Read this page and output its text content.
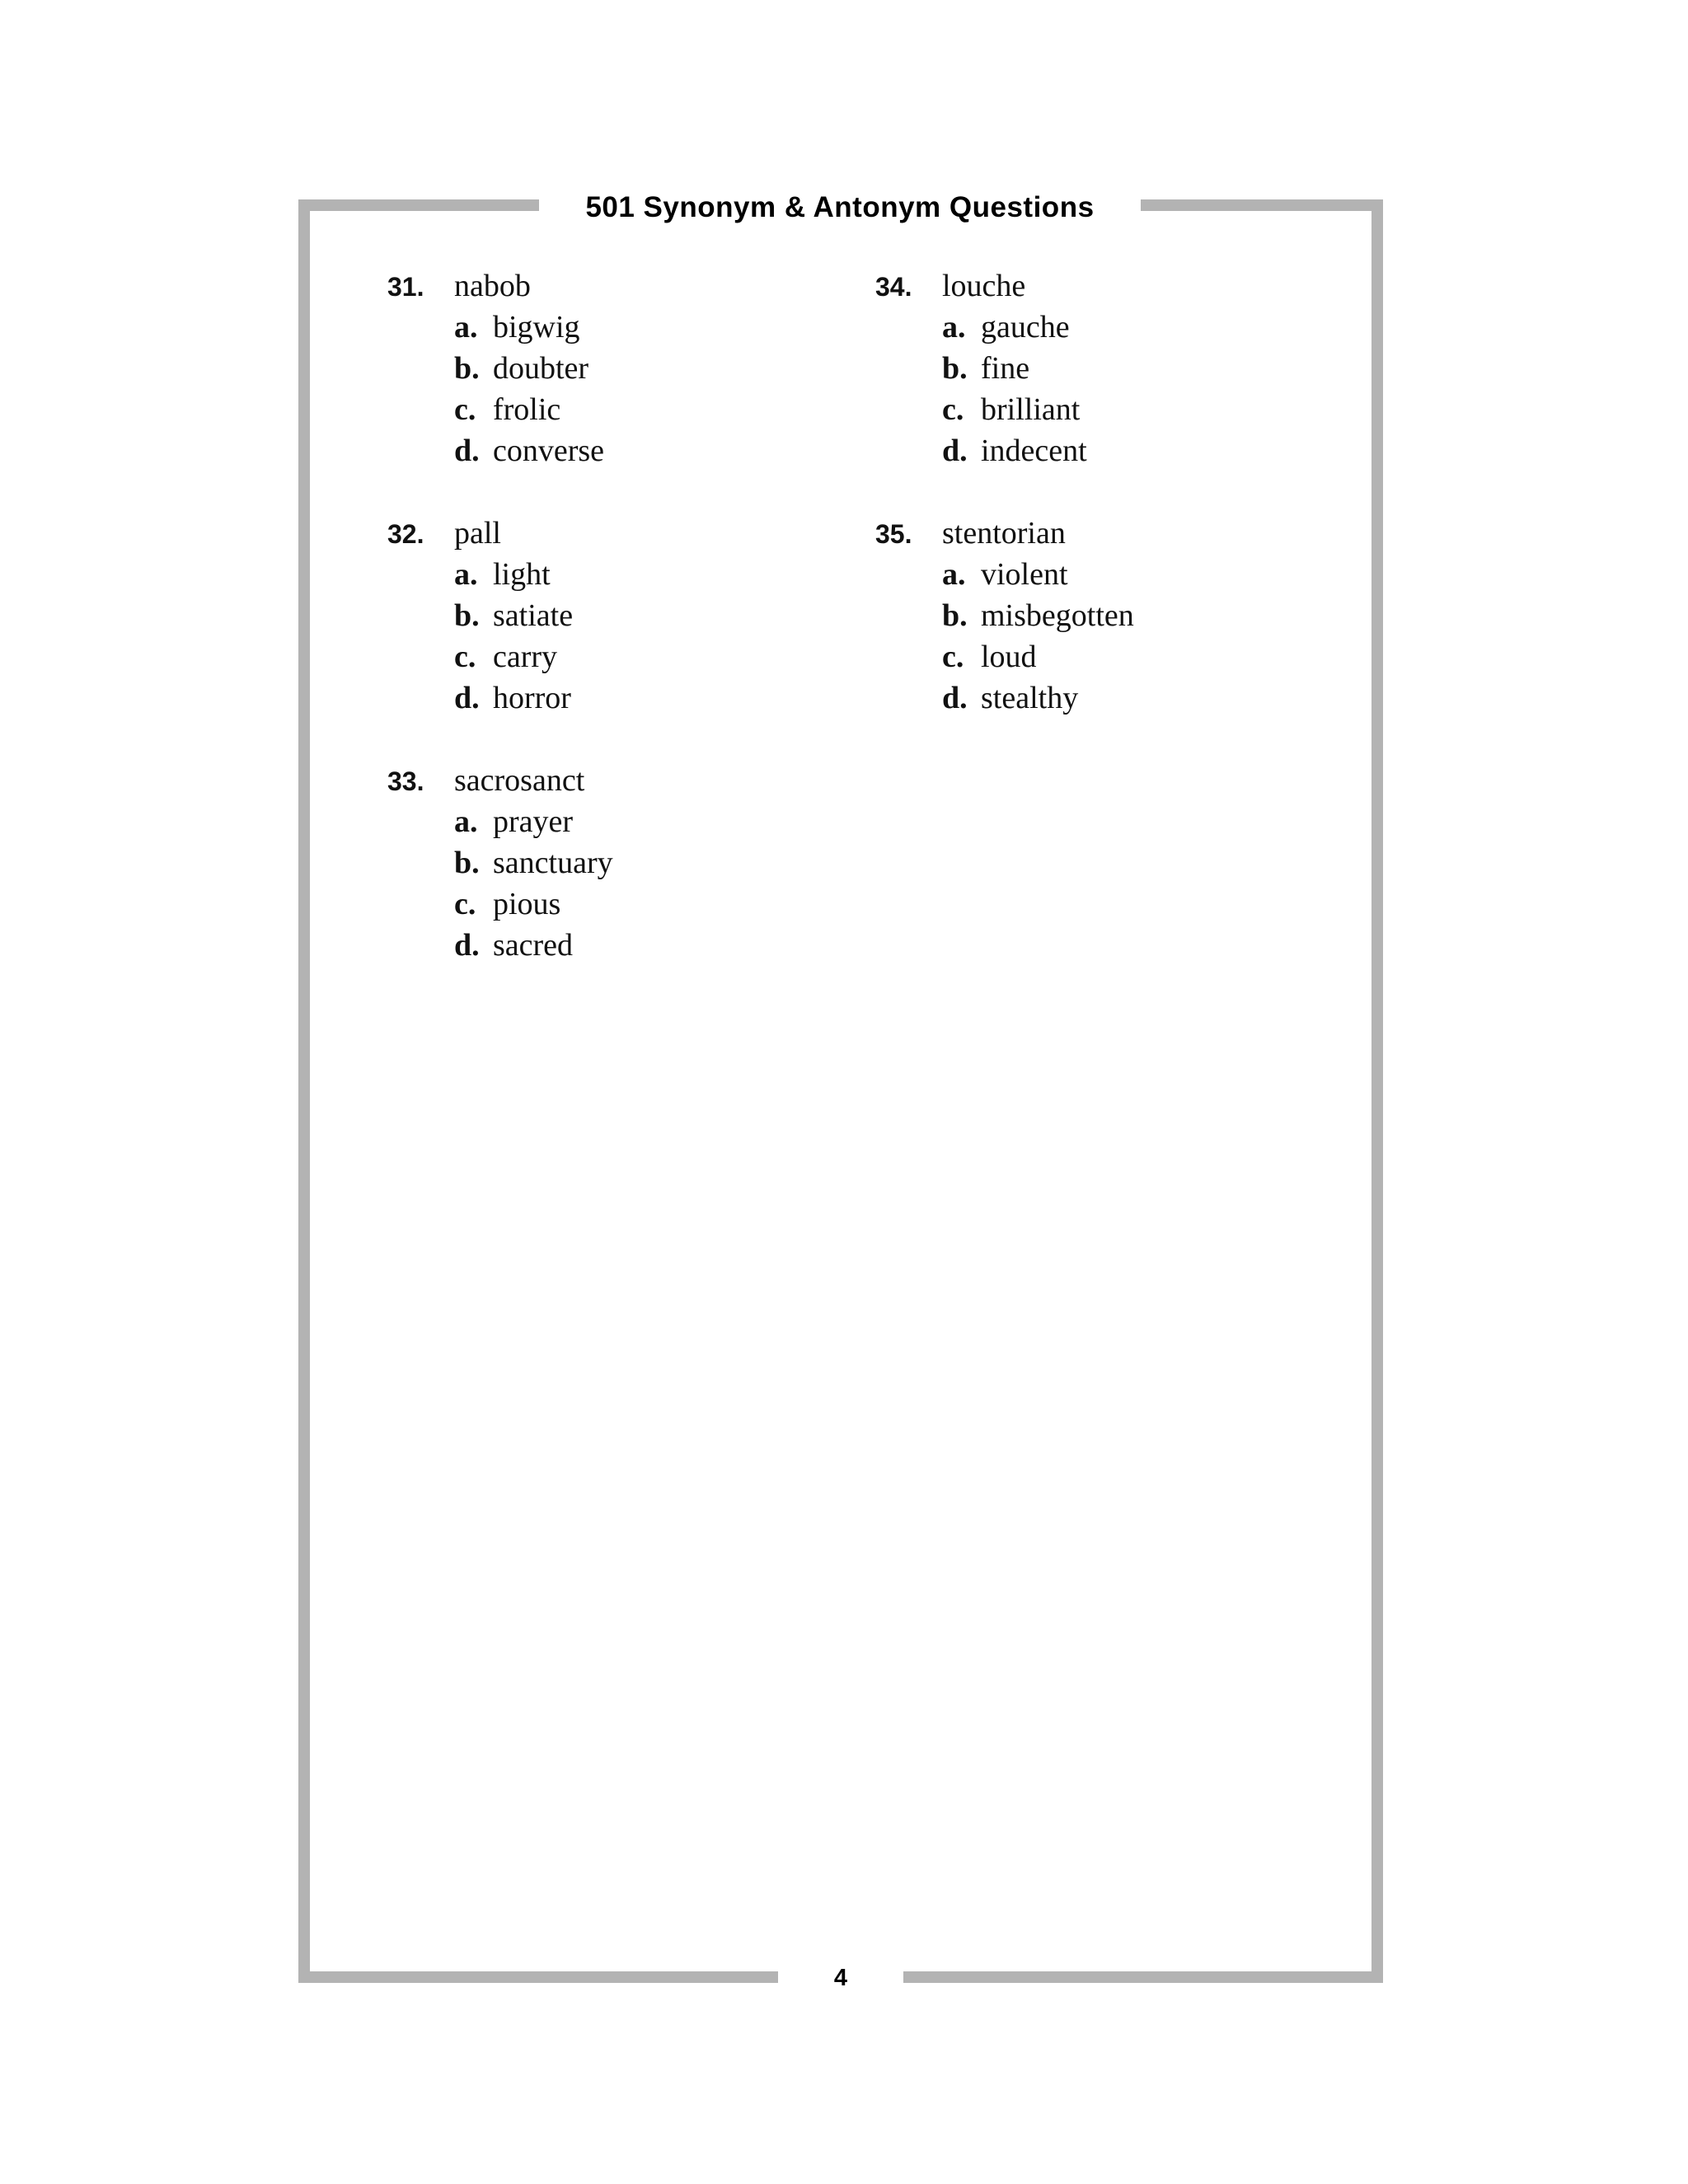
501 Synonym & Antonym Questions
4
31. nabob
a. bigwig
b. doubter
c. frolic
d. converse
32. pall
a. light
b. satiate
c. carry
d. horror
33. sacrosanct
a. prayer
b. sanctuary
c. pious
d. sacred
34. louche
a. gauche
b. fine
c. brilliant
d. indecent
35. stentorian
a. violent
b. misbegotten
c. loud
d. stealthy
